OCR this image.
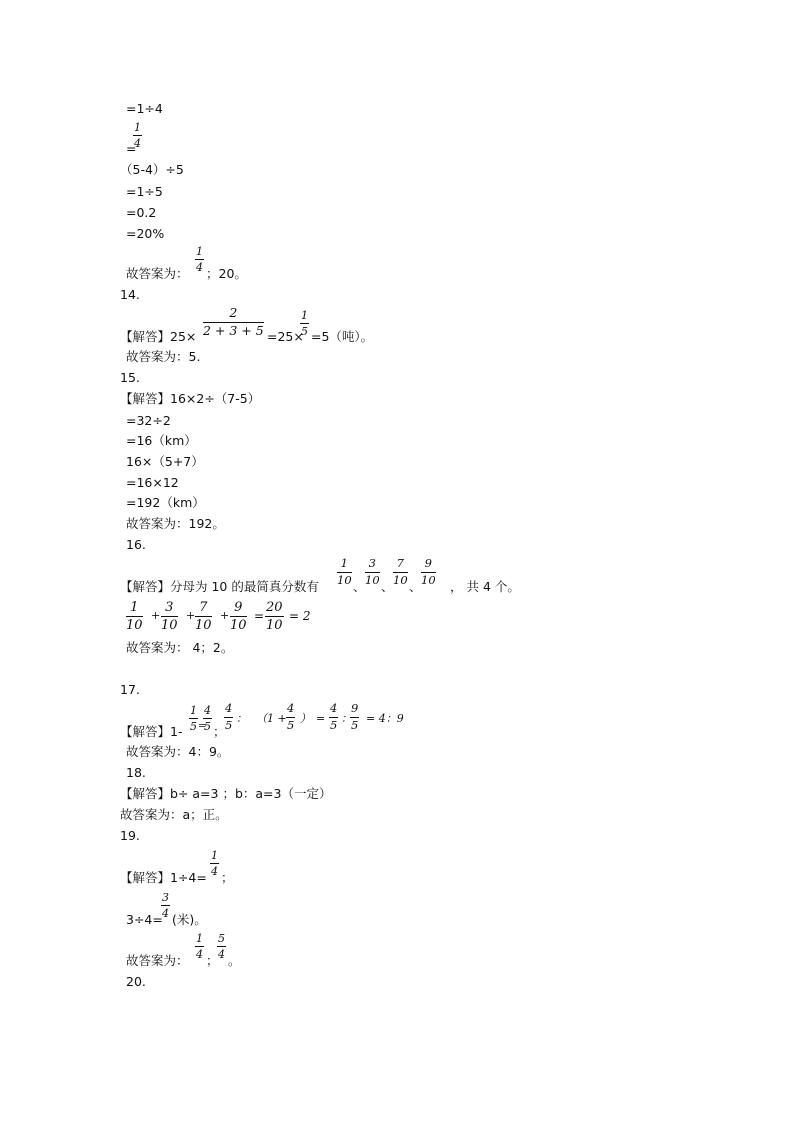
=1÷4
=
1
4
（5-4）÷5
=1÷5
=0.2
=20%
故答案为：
1
4 ；20。
14.
【解答】25×
2
2 + 3 + 5 =25×
1
5 =5（吨）。
故答案为：5.
15.
【解答】16×2÷（7-5）
=32÷2
=16（km）
16×（5+7）
=16×12
=192（km）
故答案为：192。
16.
【解答】分母为 10 的最简真分数有
1
10 、
3
10 、
7
10 、
9
10 ， 共 4 个。
1
10
+
3
10
+
7
10
+
9
10
=
20
10
= 2
故答案为： 4；2。
17.
【解答】1-
1
5 =
4
5 ；
4
5 ： （1 +
4
5 ） =
4
5 ：
9
5 = 4：9
故答案为：4：9。
18.
【解答】b÷ a=3 ；b：a=3（一定）
故答案为：a；正。
19.
【解答】1÷4=
1
4 ；
3÷4=
3
4 (米)。
故答案为：
1
4 ；
5
4 。
20.
